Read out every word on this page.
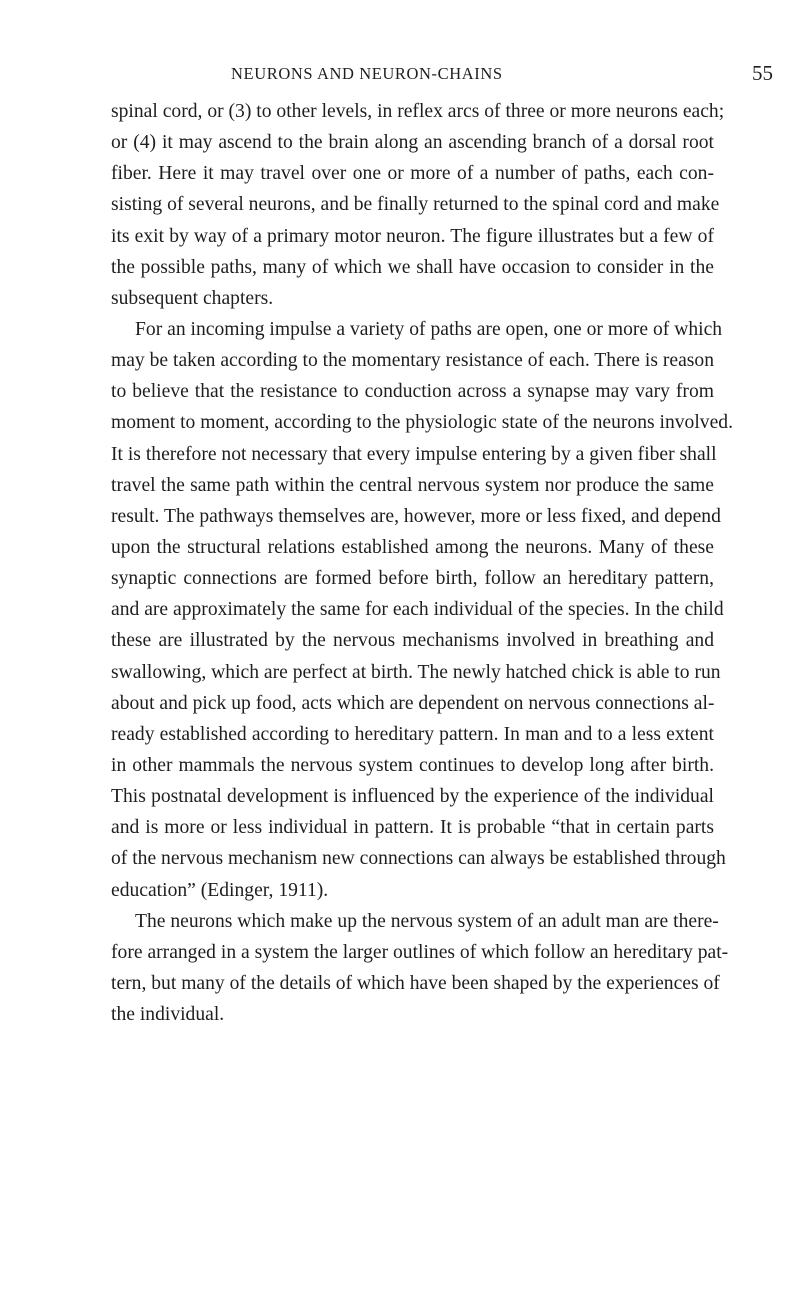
NEURONS AND NEURON-CHAINS	55
spinal cord, or (3) to other levels, in reflex arcs of three or more neurons each;
or (4) it may ascend to the brain along an ascending branch of a dorsal root
fiber. Here it may travel over one or more of a number of paths, each con-
sisting of several neurons, and be finally returned to the spinal cord and make
its exit by way of a primary motor neuron. The figure illustrates but a few of
the possible paths, many of which we shall have occasion to consider in the
subsequent chapters.
For an incoming impulse a variety of paths are open, one or more of which
may be taken according to the momentary resistance of each. There is reason
to believe that the resistance to conduction across a synapse may vary from
moment to moment, according to the physiologic state of the neurons involved.
It is therefore not necessary that every impulse entering by a given fiber shall
travel the same path within the central nervous system nor produce the same
result. The pathways themselves are, however, more or less fixed, and depend
upon the structural relations established among the neurons. Many of these
synaptic connections are formed before birth, follow an hereditary pattern,
and are approximately the same for each individual of the species. In the child
these are illustrated by the nervous mechanisms involved in breathing and
swallowing, which are perfect at birth. The newly hatched chick is able to run
about and pick up food, acts which are dependent on nervous connections al-
ready established according to hereditary pattern. In man and to a less extent
in other mammals the nervous system continues to develop long after birth.
This postnatal development is influenced by the experience of the individual
and is more or less individual in pattern. It is probable “that in certain parts
of the nervous mechanism new connections can always be established through
education” (Edinger, 1911).
The neurons which make up the nervous system of an adult man are there-
fore arranged in a system the larger outlines of which follow an hereditary pat-
tern, but many of the details of which have been shaped by the experiences of
the individual.
